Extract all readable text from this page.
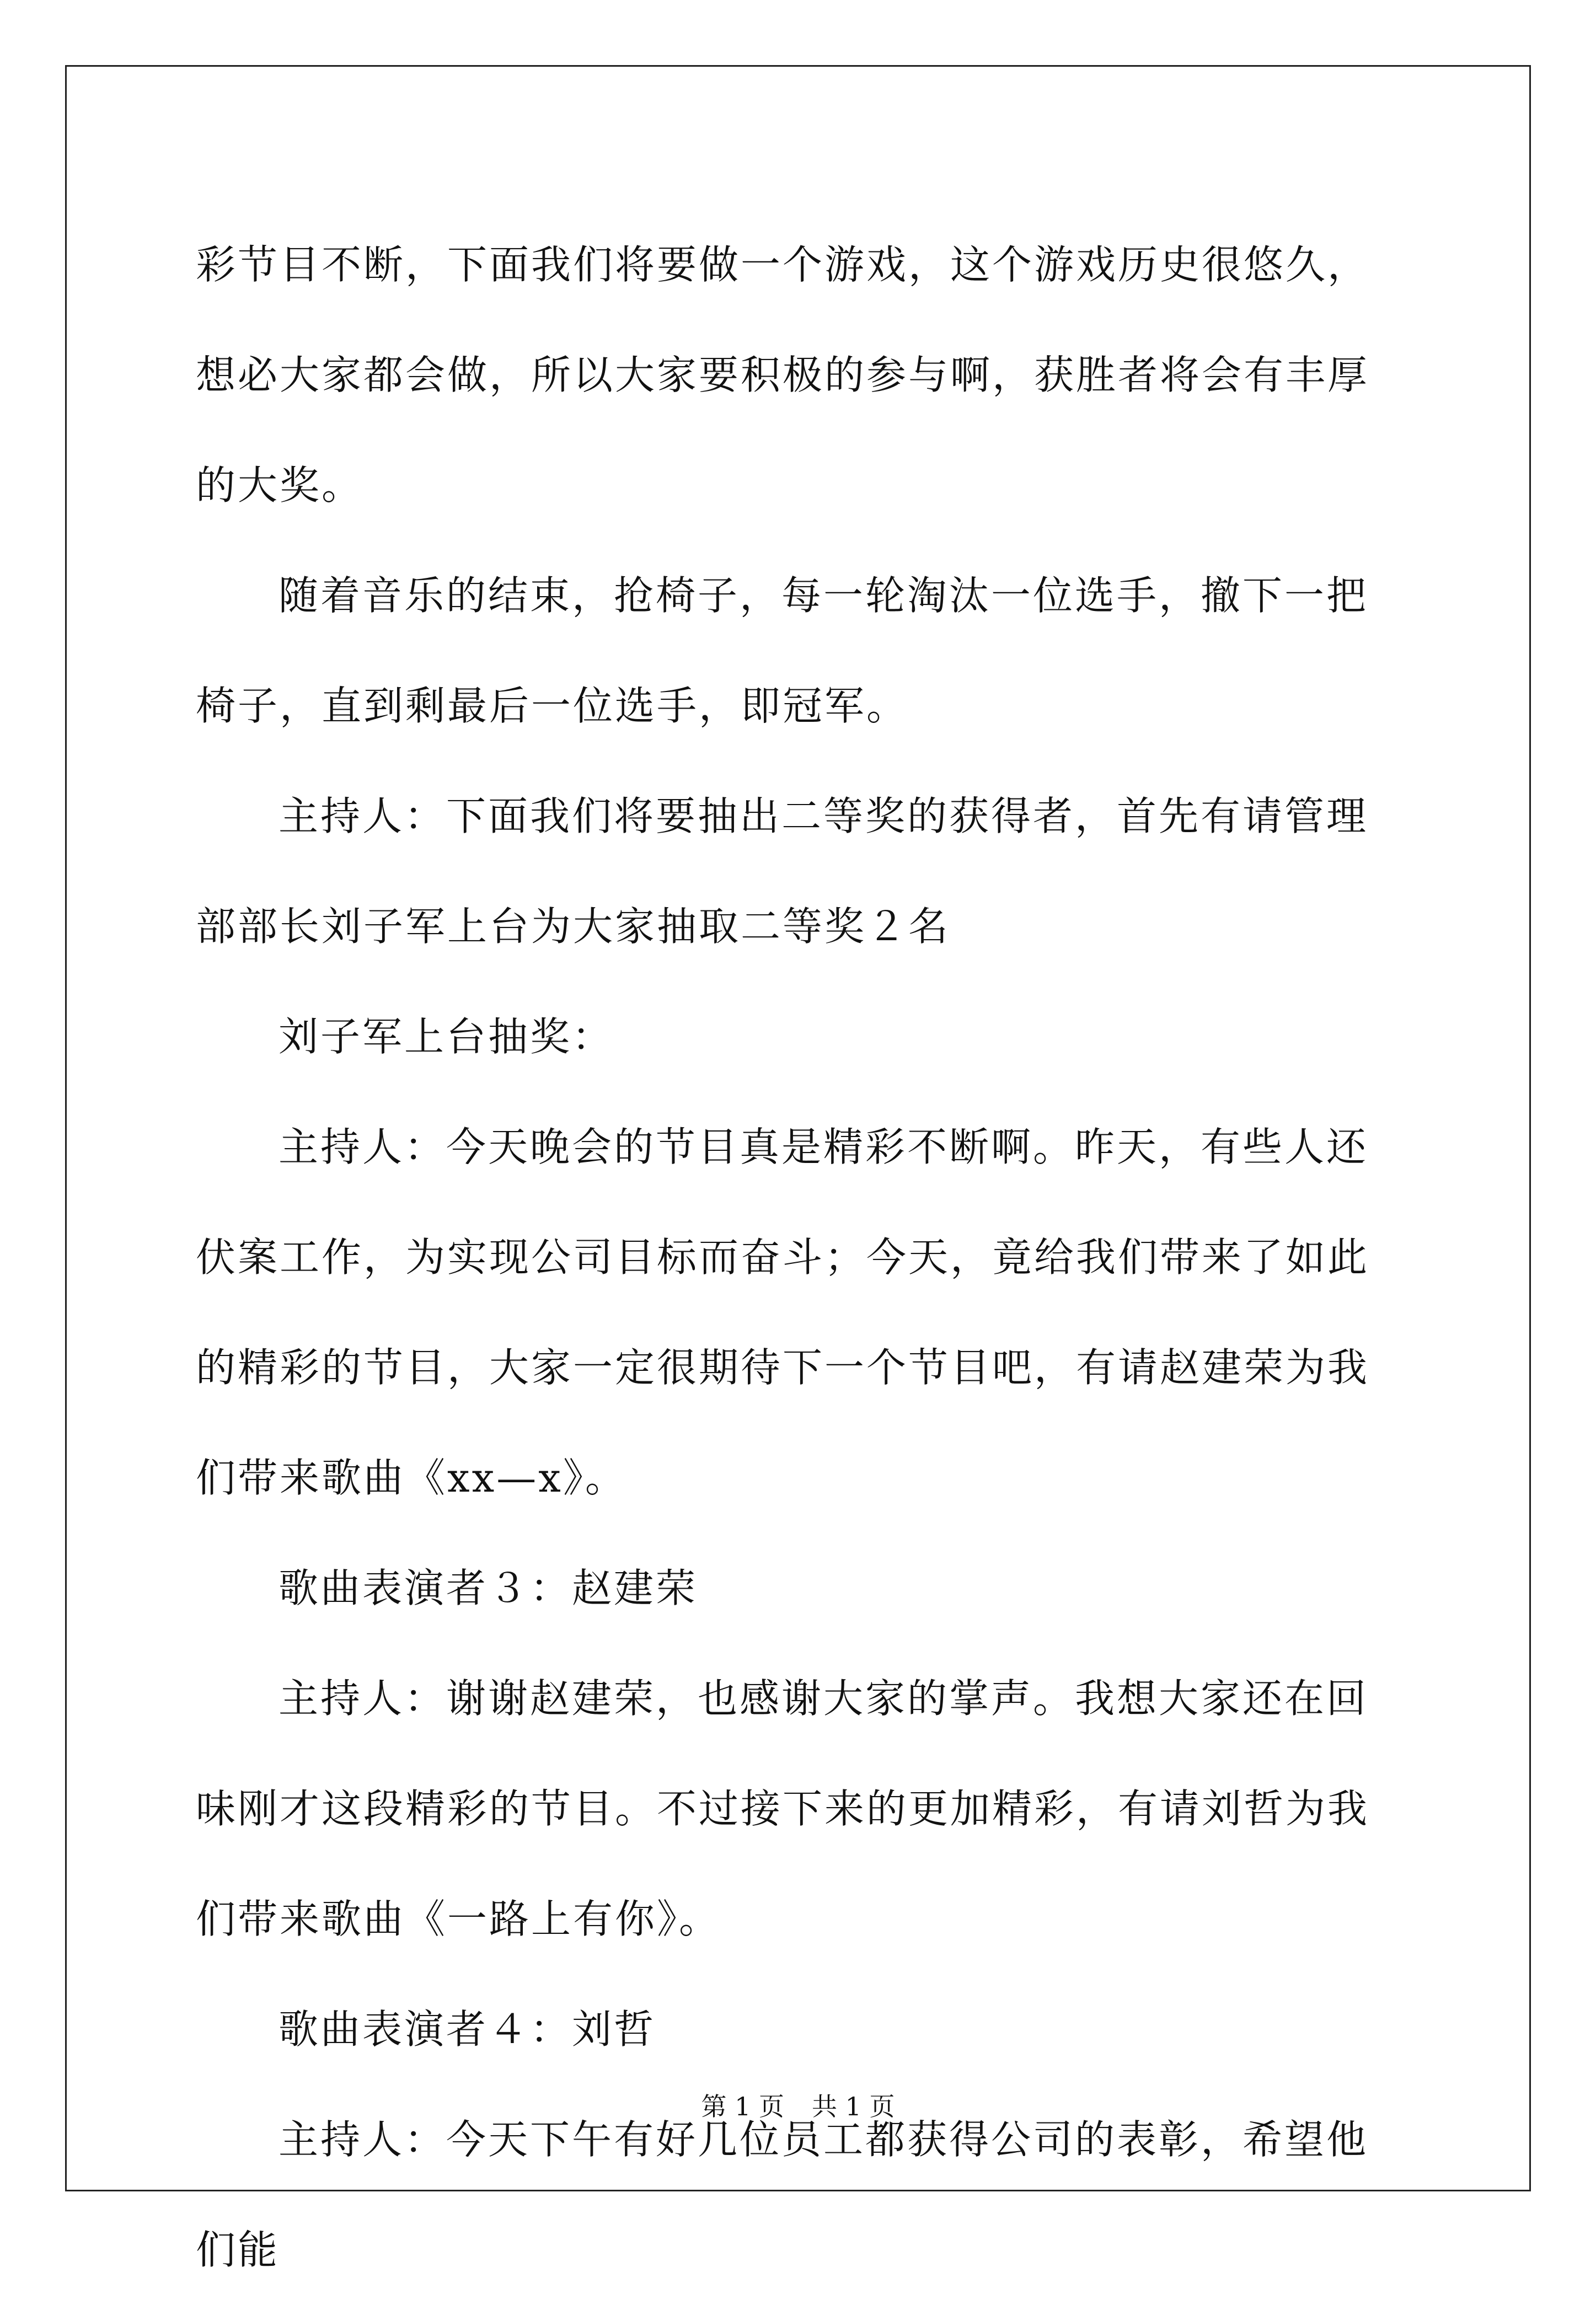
彩节目不断，下面我们将要做一个游戏，这个游戏历史很悠久，想必大家都会做，所以大家要积极的参与啊，获胜者将会有丰厚的大奖。

随着音乐的结束，抢椅子，每一轮淘汰一位选手，撤下一把椅子，直到剩最后一位选手，即冠军。

主持人：下面我们将要抽出二等奖的获得者，首先有请管理部部长刘子军上台为大家抽取二等奖２名

刘子军上台抽奖：

主持人：今天晚会的节目真是精彩不断啊。昨天，有些人还伏案工作，为实现公司目标而奋斗；今天，竟给我们带来了如此的精彩的节目，大家一定很期待下一个节目吧，有请赵建荣为我们带来歌曲《xx—x》。

歌曲表演者３：赵建荣

主持人：谢谢赵建荣，也感谢大家的掌声。我想大家还在回味刚才这段精彩的节目。不过接下来的更加精彩，有请刘哲为我们带来歌曲《一路上有你》。

歌曲表演者４：刘哲

主持人：今天下午有好几位员工都获得公司的表彰，希望他们能

第 1 页 共 1 页
